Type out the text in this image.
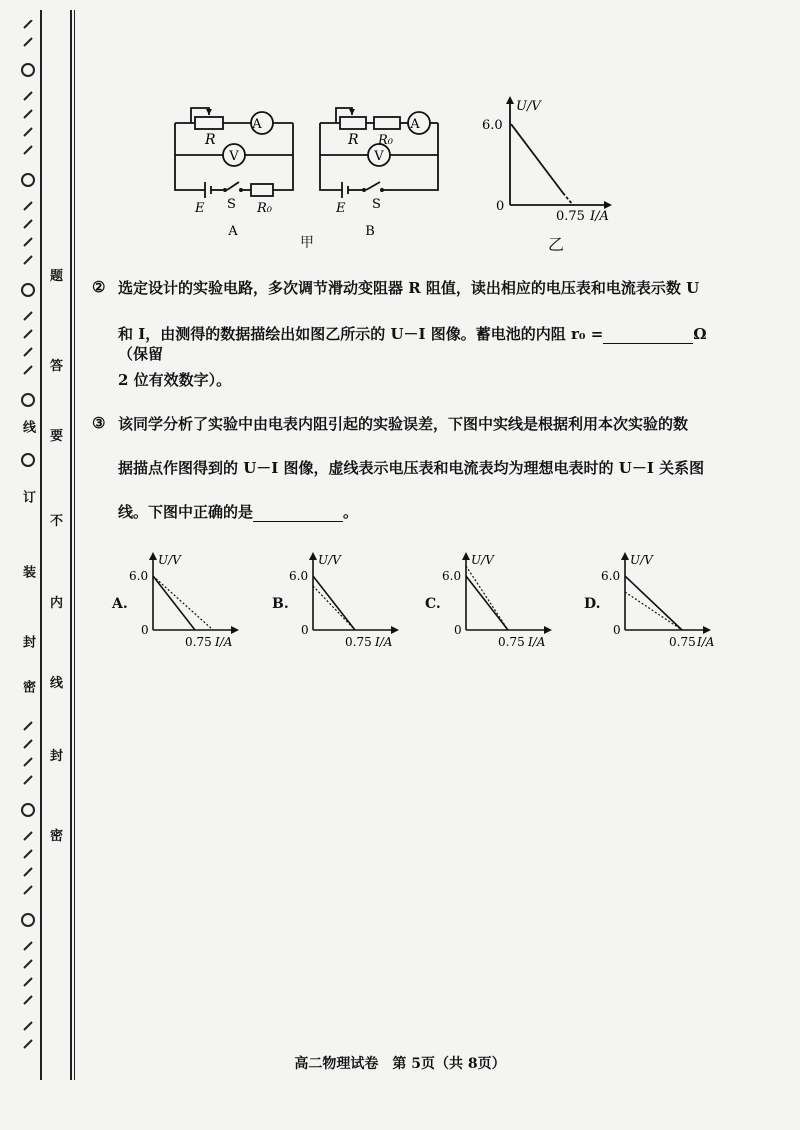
线
订
装
封
密
题
答
要
不
内
线
封
密
A
V
R
E S R₀
A
A
V
R R₀
E S
B
甲
U/V
6.0
0
0.75 I/A
乙
② 选定设计的实验电路，多次调节滑动变阻器 R 阻值，读出相应的电压表和电流表示数 U
和 I，由测得的数据描绘出如图乙所示的 U－I 图像。蓄电池的内阻 r₀ =	Ω（保留
2 位有效数字）。
③ 该同学分析了实验中由电表内阻引起的实验误差，下图中实线是根据利用本次实验的数
据描点作图得到的 U－I 图像，虚线表示电压表和电流表均为理想电表时的 U－I 关系图
线。下图中正确的是	。
A.
U/V
6.0
0
0.75 I/A
B.
U/V
6.0
0
0.75 I/A
C.
U/V
6.0
0
0.75 I/A
D.
U/V
6.0
0
0.75 I/A
高二物理试卷　第 5页（共 8页）
